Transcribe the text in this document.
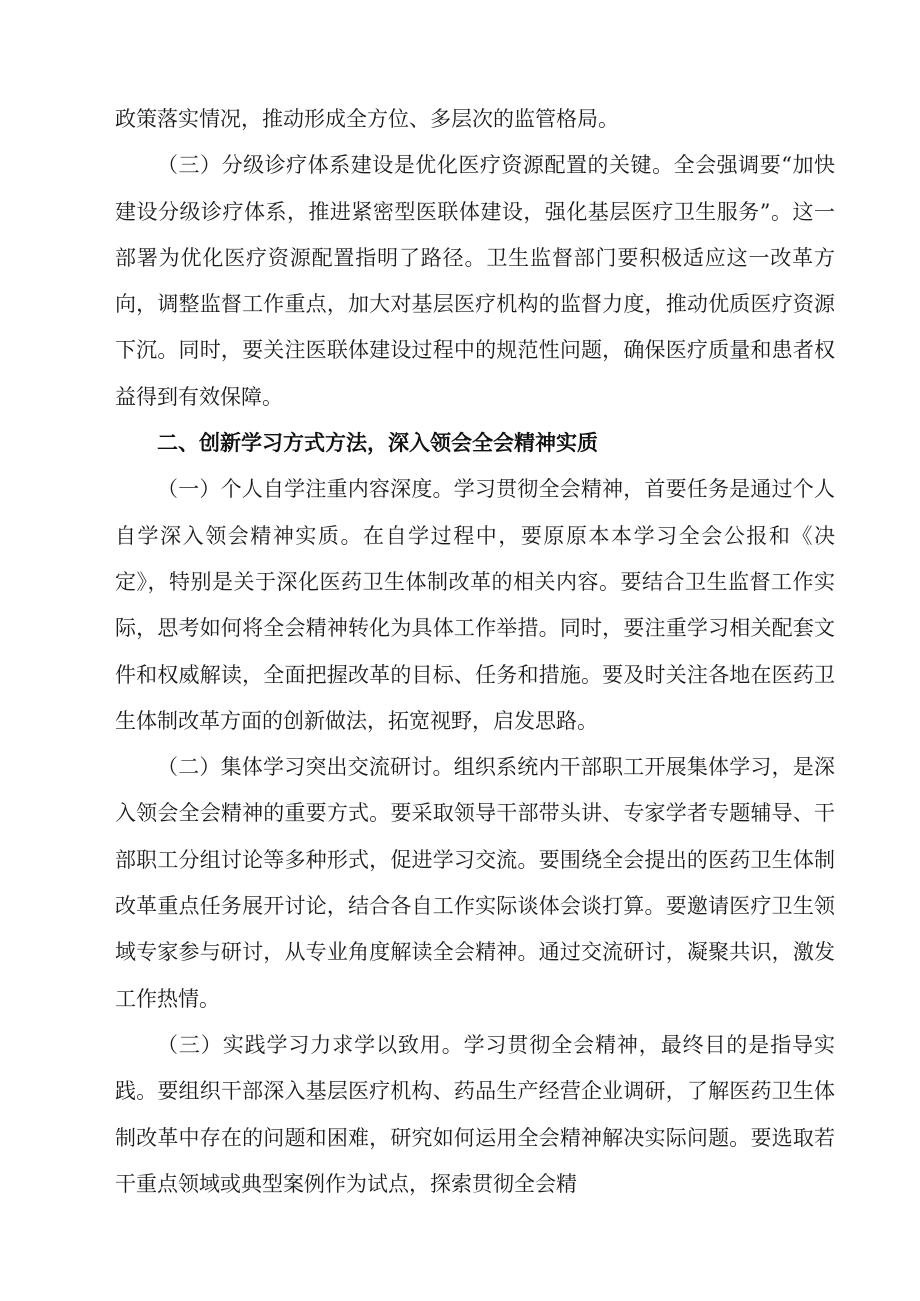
政策落实情况，推动形成全方位、多层次的监管格局。

（三）分级诊疗体系建设是优化医疗资源配置的关键。全会强调要“加快建设分级诊疗体系，推进紧密型医联体建设，强化基层医疗卫生服务”。这一部署为优化医疗资源配置指明了路径。卫生监督部门要积极适应这一改革方向，调整监督工作重点，加大对基层医疗机构的监督力度，推动优质医疗资源下沉。同时，要关注医联体建设过程中的规范性问题，确保医疗质量和患者权益得到有效保障。

二、创新学习方式方法，深入领会全会精神实质

（一）个人自学注重内容深度。学习贯彻全会精神，首要任务是通过个人自学深入领会精神实质。在自学过程中，要原原本本学习全会公报和《决定》，特别是关于深化医药卫生体制改革的相关内容。要结合卫生监督工作实际，思考如何将全会精神转化为具体工作举措。同时，要注重学习相关配套文件和权威解读，全面把握改革的目标、任务和措施。要及时关注各地在医药卫生体制改革方面的创新做法，拓宽视野，启发思路。

（二）集体学习突出交流研讨。组织系统内干部职工开展集体学习，是深入领会全会精神的重要方式。要采取领导干部带头讲、专家学者专题辅导、干部职工分组讨论等多种形式，促进学习交流。要围绕全会提出的医药卫生体制改革重点任务展开讨论，结合各自工作实际谈体会谈打算。要邀请医疗卫生领域专家参与研讨，从专业角度解读全会精神。通过交流研讨，凝聚共识，激发工作热情。

（三）实践学习力求学以致用。学习贯彻全会精神，最终目的是指导实践。要组织干部深入基层医疗机构、药品生产经营企业调研，了解医药卫生体制改革中存在的问题和困难，研究如何运用全会精神解决实际问题。要选取若干重点领域或典型案例作为试点，探索贯彻全会精
